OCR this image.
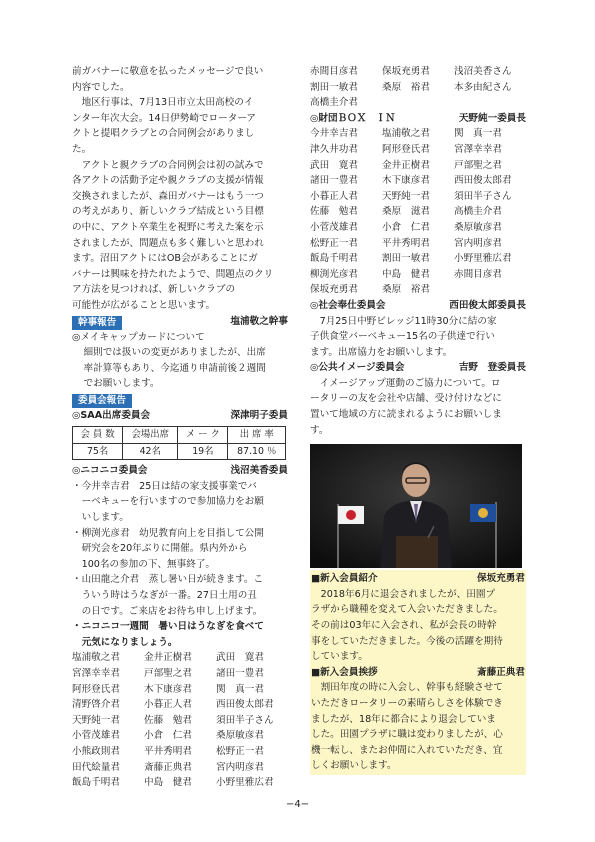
前ガバナーに敬意を払ったメッセージで良い

内容でした。

地区行事は、7月13日市立太田高校のイ

ンター年次大会。14日伊勢崎でローターア

クトと提唱クラブとの合同例会がありまし

た。

アクトと親クラブの合同例会は初の試みで

各アクトの活動予定や親クラブの支援が情報

交換されましたが、森田ガバナーはもう一つ

の考えがあり、新しいクラブ結成という目標

の中に、アクト卒業生を視野に考えた案を示

されましたが、問題点も多く難しいと思われ

ます。沼田アクトにはOB会があることにガ

バナーは興味を持たれたようで、問題点のクリ

ア方法を見つければ、新しいクラブの

可能性が広がることと思います。

幹事報告	塩浦敬之幹事

◎メイキャップカードについて

細則では扱いの変更がありましたが、出席

率計算等もあり、今迄通り申請前後２週間

でお願いします。

委員会報告
◎SAA出席委員会	深津明子委員
会 員 数	会場出席	メ ー ク	出 席 率
75名	42名	19名	87.10 ％
◎ニコニコ委員会	浅沼美香委員

・今井幸吉君　25日は結の家支援事業でバ

ーベキューを行いますので参加協力をお願

いします。

・柳渕光彦君　幼児教育向上を目指して公開

研究会を20年ぶりに開催。県内外から

100名の参加の下、無事終了。

・山田龍之介君　蒸し暑い日が続きます。こ

ういう時はうなぎが一番。27日土用の丑

の日です。ご来店をお待ち申し上げます。

・ニコニコ一週間　暑い日はうなぎを食べて

元気になりましょう。

塩浦敬之君	金井正樹君	武田　寛君
宮澤幸幸君	戸部聖之君	諸田一豊君
阿形登氏君	木下康彦君	関　真一君
清野啓介君	小暮正人君	西田俊太郎君
天野純一君	佐藤　勉君	須田半子さん
小菅茂雄君	小倉　仁君	桑原敏彦君
小熊政則君	平井秀明君	松野正一君
田代絵量君	斎藤正典君	宮内明彦君
飯島千明君	中島　健君	小野里雅広君
赤間目彦君	保坂充勇君	浅沼美香さん
割田一敏君	桑原　裕君	本多由紀さん
高橋圭介君
◎財団ＢＯＸ　ＩＮ	天野純一委員長
今井幸吉君	塩浦敬之君	関　真一君
津久井功君	阿形登氏君	宮澤幸幸君
武田　寛君	金井正樹君	戸部聖之君
諸田一豊君	木下康彦君	西田俊太郎君
小暮正人君	天野純一君	須田半子さん
佐藤　勉君	桑原　滋君	高橋圭介君
小菅茂雄君	小倉　仁君	桑原敏彦君
松野正一君	平井秀明君	宮内明彦君
飯島千明君	割田一敏君	小野里雅広君
柳渕光彦君	中島　健君	赤間目彦君
保坂充勇君	桑原　裕君
◎社会奉仕委員会	西田俊太郎委員長

7月25日中野ビレッジ11時30分に結の家

子供食堂バーベキュー15名の子供達で行い

ます。出席協力をお願いします。

◎公共イメージ委員会	吉野　登委員長

イメージアップ運動のご協力について。ロ

ータリーの友を会社や店舗、受け付けなどに

置いて地域の方に読まれるようにお願いしま

す。

■新入会員紹介	保坂充勇君

2018年6月に退会されましたが、田園プ

ラザから職種を変えて入会いただきました。

その前は03年に入会され、私が会長の時幹

事をしていただきました。今後の活躍を期待

しています。

■新入会員挨拶	斎藤正典君

割田年度の時に入会し、幹事も経験させて

いただきロータリーの素晴らしさを体験でき

ましたが、18年に都合により退会していま

した。田園プラザに職は変わりましたが、心

機一転し、またお仲間に入れていただき、宜

しくお願いします。

−4−
